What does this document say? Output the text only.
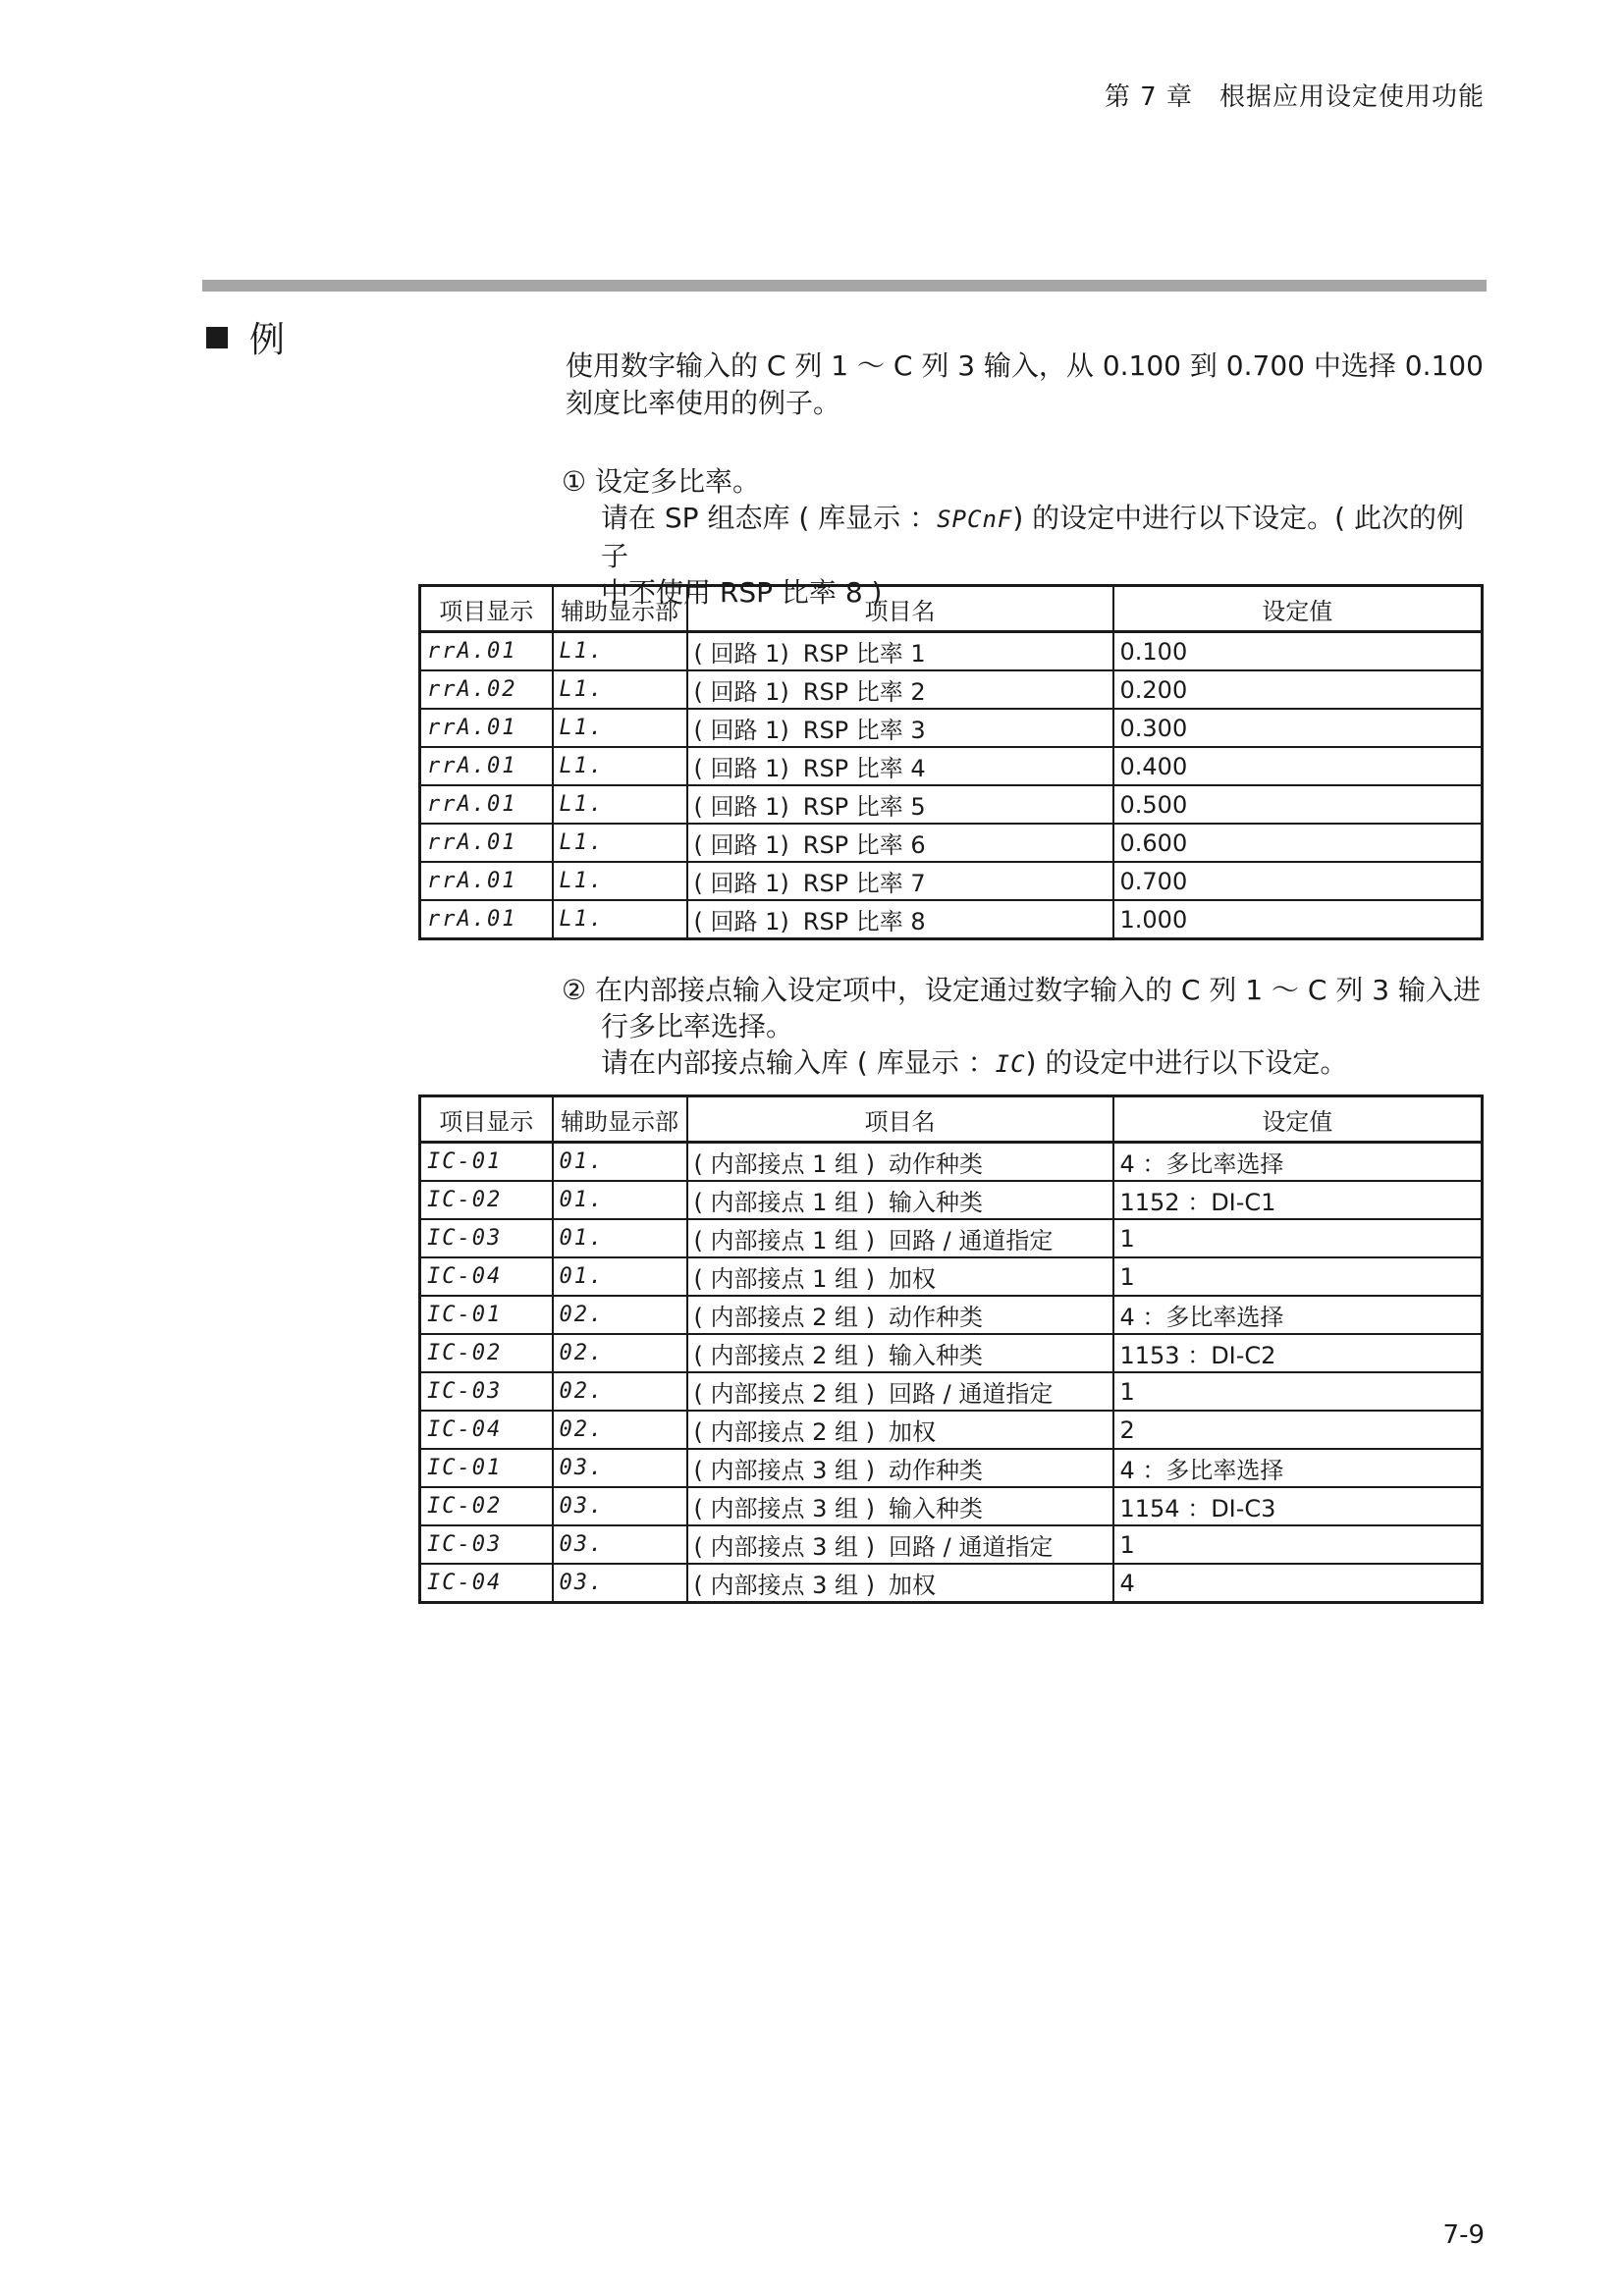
第 7 章　根据应用设定使用功能
例
使用数字输入的 C 列 1 ～ C 列 3 输入，从 0.100 到 0.700 中选择 0.100 刻度比率使用的例子。
① 设定多比率。
请在 SP 组态库 ( 库显示 ：SPCnF) 的设定中进行以下设定。( 此次的例子
中不使用 RSP 比率 8 )
项目显示	辅助显示部	项目名	设定值
rrA.01	L1.	( 回路 1) RSP 比率 1	0.100
rrA.02	L1.	( 回路 1) RSP 比率 2	0.200
rrA.01	L1.	( 回路 1) RSP 比率 3	0.300
rrA.01	L1.	( 回路 1) RSP 比率 4	0.400
rrA.01	L1.	( 回路 1) RSP 比率 5	0.500
rrA.01	L1.	( 回路 1) RSP 比率 6	0.600
rrA.01	L1.	( 回路 1) RSP 比率 7	0.700
rrA.01	L1.	( 回路 1) RSP 比率 8	1.000
② 在内部接点输入设定项中，设定通过数字输入的 C 列 1 ～ C 列 3 输入进
行多比率选择。
请在内部接点输入库 ( 库显示 ：IC) 的设定中进行以下设定。
项目显示	辅助显示部	项目名	设定值
IC-01	01.	( 内部接点 1 组 ) 动作种类	4 ：多比率选择
IC-02	01.	( 内部接点 1 组 ) 输入种类	1152 ：DI-C1
IC-03	01.	( 内部接点 1 组 ) 回路 / 通道指定	1
IC-04	01.	( 内部接点 1 组 ) 加权	1
IC-01	02.	( 内部接点 2 组 ) 动作种类	4 ：多比率选择
IC-02	02.	( 内部接点 2 组 ) 输入种类	1153 ：DI-C2
IC-03	02.	( 内部接点 2 组 ) 回路 / 通道指定	1
IC-04	02.	( 内部接点 2 组 ) 加权	2
IC-01	03.	( 内部接点 3 组 ) 动作种类	4 ：多比率选择
IC-02	03.	( 内部接点 3 组 ) 输入种类	1154 ：DI-C3
IC-03	03.	( 内部接点 3 组 ) 回路 / 通道指定	1
IC-04	03.	( 内部接点 3 组 ) 加权	4
7-9
